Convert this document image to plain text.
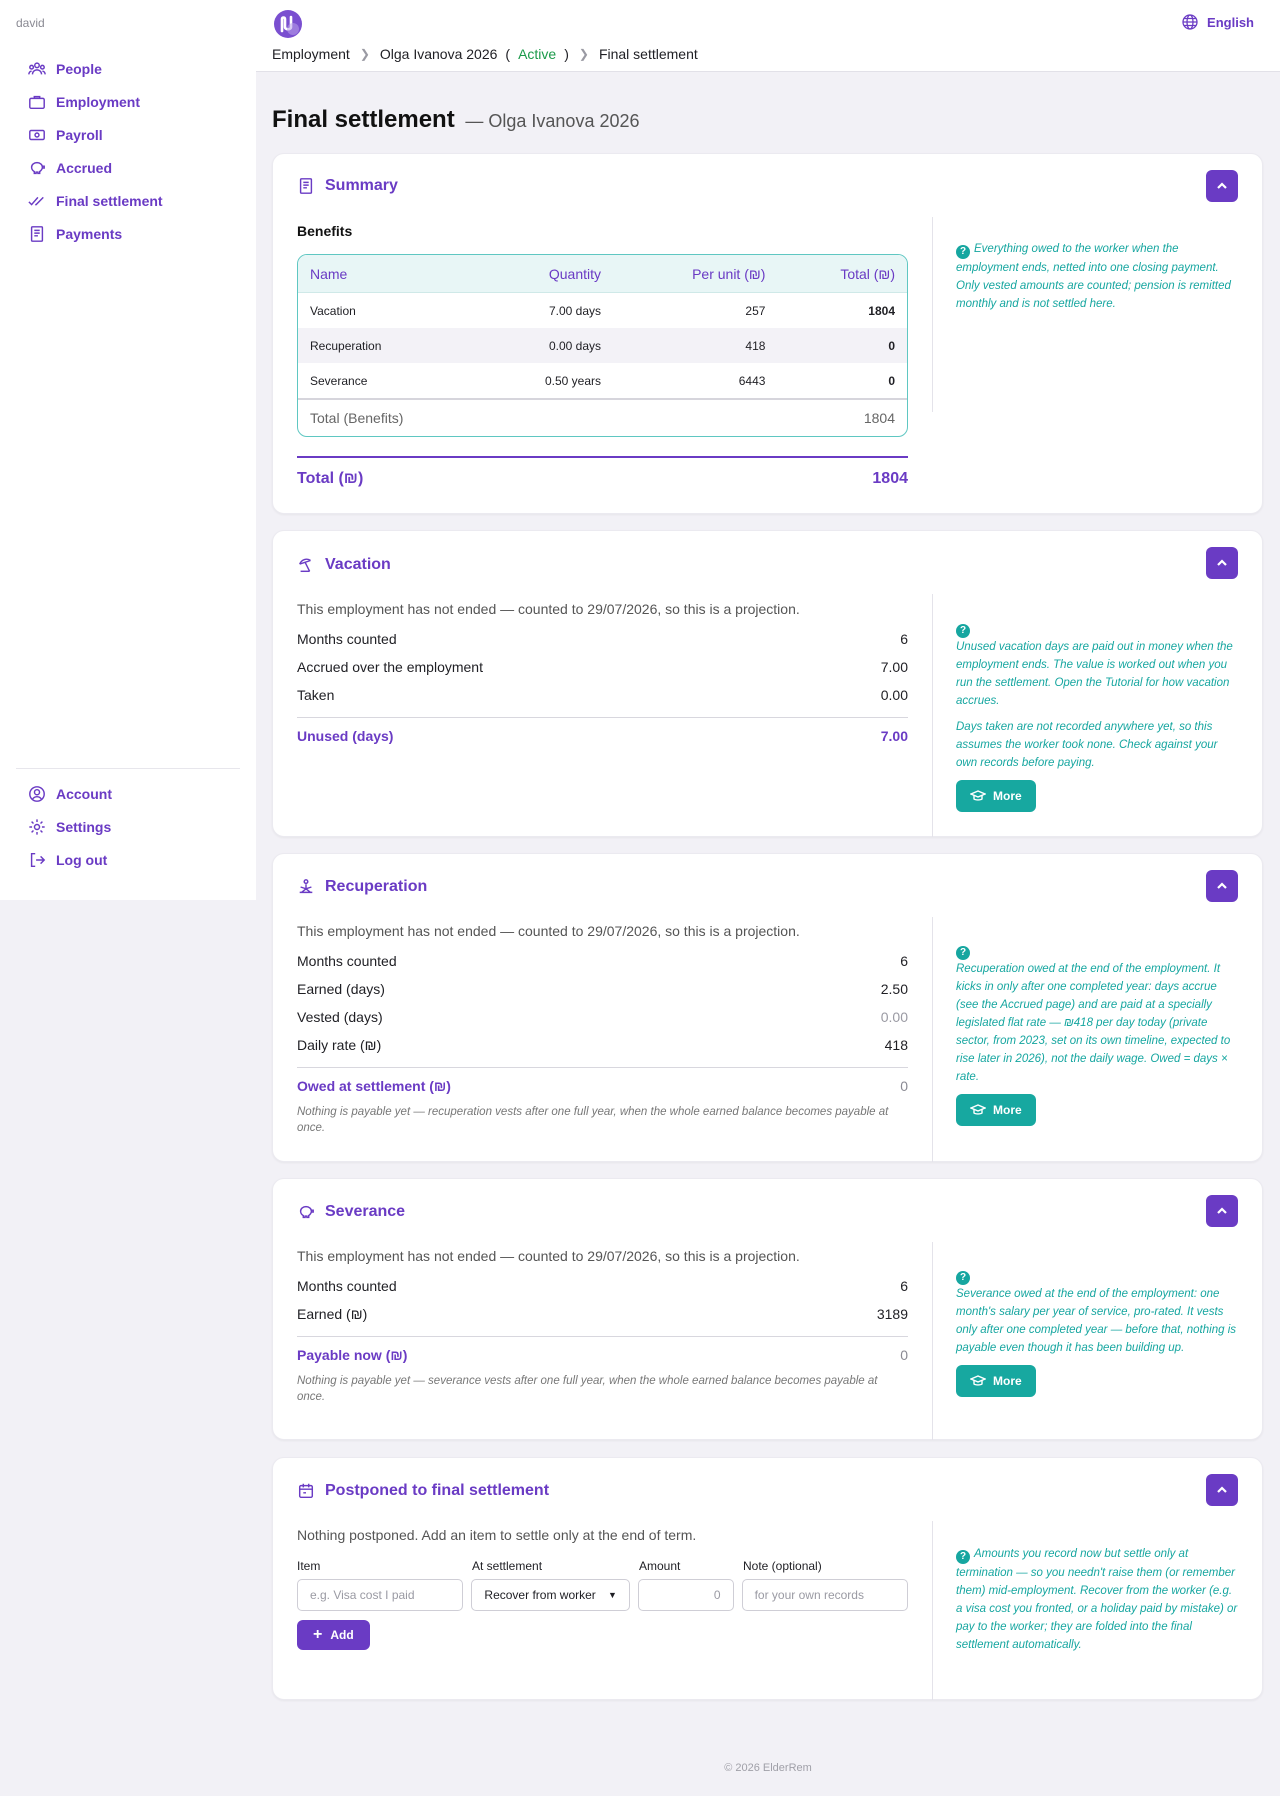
david
People
Employment
Payroll
Accrued
Final settlement
Payments
Account
Settings
Log out
English
Employment ❯ Olga Ivanova 2026 ( Active ) ❯ Final settlement
Final settlement — Olga Ivanova 2026
Summary
Benefits
Name	Quantity	Per unit (₪)	Total (₪)
Vacation	7.00 days	257	1804
Recuperation	0.00 days	418	0
Severance	0.50 years	6443	0
Total (Benefits)	1804
Total (₪)	1804
? Everything owed to the worker when the employment ends, netted into one closing payment. Only vested amounts are counted; pension is remitted monthly and is not settled here.
Vacation
This employment has not ended — counted to 29/07/2026, so this is a projection.
Months counted	6
Accrued over the employment	7.00
Taken	0.00
Unused (days)	7.00
?
Unused vacation days are paid out in money when the employment ends. The value is worked out when you run the settlement. Open the Tutorial for how vacation accrues.
Days taken are not recorded anywhere yet, so this assumes the worker took none. Check against your own records before paying.
More
Recuperation
This employment has not ended — counted to 29/07/2026, so this is a projection.
Months counted	6
Earned (days)	2.50
Vested (days)	0.00
Daily rate (₪)	418
Owed at settlement (₪)	0
Nothing is payable yet — recuperation vests after one full year, when the whole earned balance becomes payable at once.
?
Recuperation owed at the end of the employment. It kicks in only after one completed year: days accrue (see the Accrued page) and are paid at a specially legislated flat rate — ₪418 per day today (private sector, from 2023, set on its own timeline, expected to rise later in 2026), not the daily wage. Owed = days × rate.
More
Severance
This employment has not ended — counted to 29/07/2026, so this is a projection.
Months counted	6
Earned (₪)	3189
Payable now (₪)	0
Nothing is payable yet — severance vests after one full year, when the whole earned balance becomes payable at once.
?
Severance owed at the end of the employment: one month's salary per year of service, pro-rated. It vests only after one completed year — before that, nothing is payable even though it has been building up.
More
Postponed to final settlement
Nothing postponed. Add an item to settle only at the end of term.
Item	At settlement	Amount	Note (optional)
e.g. Visa cost I paid	Recover from worker ▼	0	for your own records
+ Add
? Amounts you record now but settle only at termination — so you needn't raise them (or remember them) mid-employment. Recover from the worker (e.g. a visa cost you fronted, or a holiday paid by mistake) or pay to the worker; they are folded into the final settlement automatically.
© 2026 ElderRem
